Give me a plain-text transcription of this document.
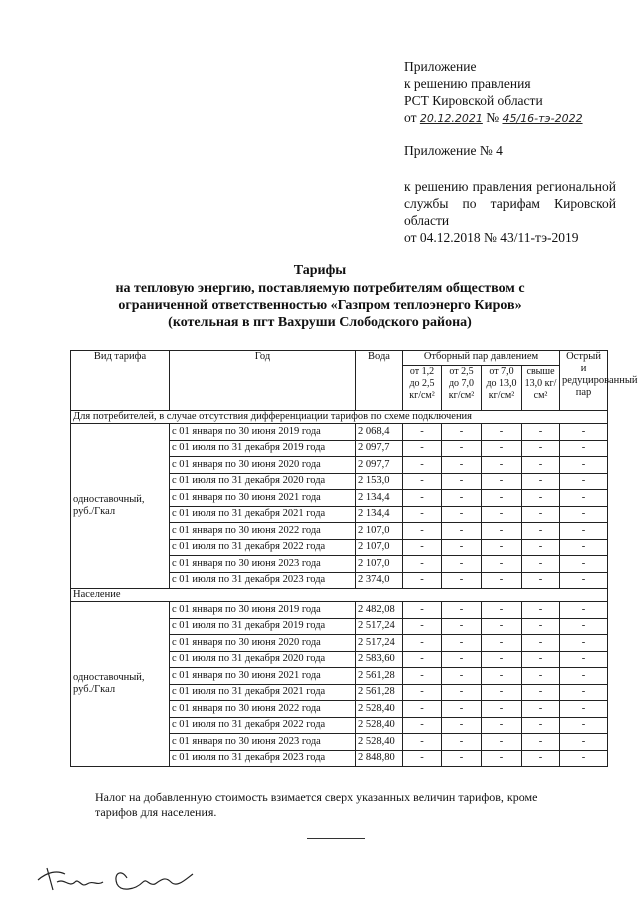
Приложение
к решению правления
РСТ Кировской области
от 20.12.2021 № 45/16-тэ-2022
Приложение № 4
к решению правления региональной службы по тарифам Кировской области
от 04.12.2018 № 43/11-тэ-2019
Тарифы
на тепловую энергию, поставляемую потребителям обществом с ограниченной ответственностью «Газпром теплоэнерго Киров» (котельная в пгт Вахруши Слободского района)
Вид тарифа	Год	Вода	Отборный пар давлением				Острый и редуцированный пар
			от 1,2 до 2,5 кг/см²	от 2,5 до 7,0 кг/см²	от 7,0 до 13,0 кг/см²	свыше 13,0 кг/см²	
Для потребителей, в случае отсутствия дифференциации тарифов по схеме подключения							
одноставочный, руб./Гкал	с 01 января по 30 июня 2019 года	2 068,4	-	-	-	-	-
	с 01 июля по 31 декабря 2019 года	2 097,7	-	-	-	-	-
	с 01 января по 30 июня 2020 года	2 097,7	-	-	-	-	-
	с 01 июля по 31 декабря 2020 года	2 153,0	-	-	-	-	-
	с 01 января по 30 июня 2021 года	2 134,4	-	-	-	-	-
	с 01 июля по 31 декабря 2021 года	2 134,4	-	-	-	-	-
	с 01 января по 30 июня 2022 года	2 107,0	-	-	-	-	-
	с 01 июля по 31 декабря 2022 года	2 107,0	-	-	-	-	-
	с 01 января по 30 июня 2023 года	2 107,0	-	-	-	-	-
	с 01 июля по 31 декабря 2023 года	2 374,0	-	-	-	-	-
Население							
одноставочный, руб./Гкал	с 01 января по 30 июня 2019 года	2 482,08	-	-	-	-	-
	с 01 июля по 31 декабря 2019 года	2 517,24	-	-	-	-	-
	с 01 января по 30 июня 2020 года	2 517,24	-	-	-	-	-
	с 01 июля по 31 декабря 2020 года	2 583,60	-	-	-	-	-
	с 01 января по 30 июня 2021 года	2 561,28	-	-	-	-	-
	с 01 июля по 31 декабря 2021 года	2 561,28	-	-	-	-	-
	с 01 января по 30 июня 2022 года	2 528,40	-	-	-	-	-
	с 01 июля по 31 декабря 2022 года	2 528,40	-	-	-	-	-
	с 01 января по 30 июня 2023 года	2 528,40	-	-	-	-	-
	с 01 июля по 31 декабря 2023 года	2 848,80	-	-	-	-	-
Налог на добавленную стоимость взимается сверх указанных величин тарифов, кроме тарифов для населения.
